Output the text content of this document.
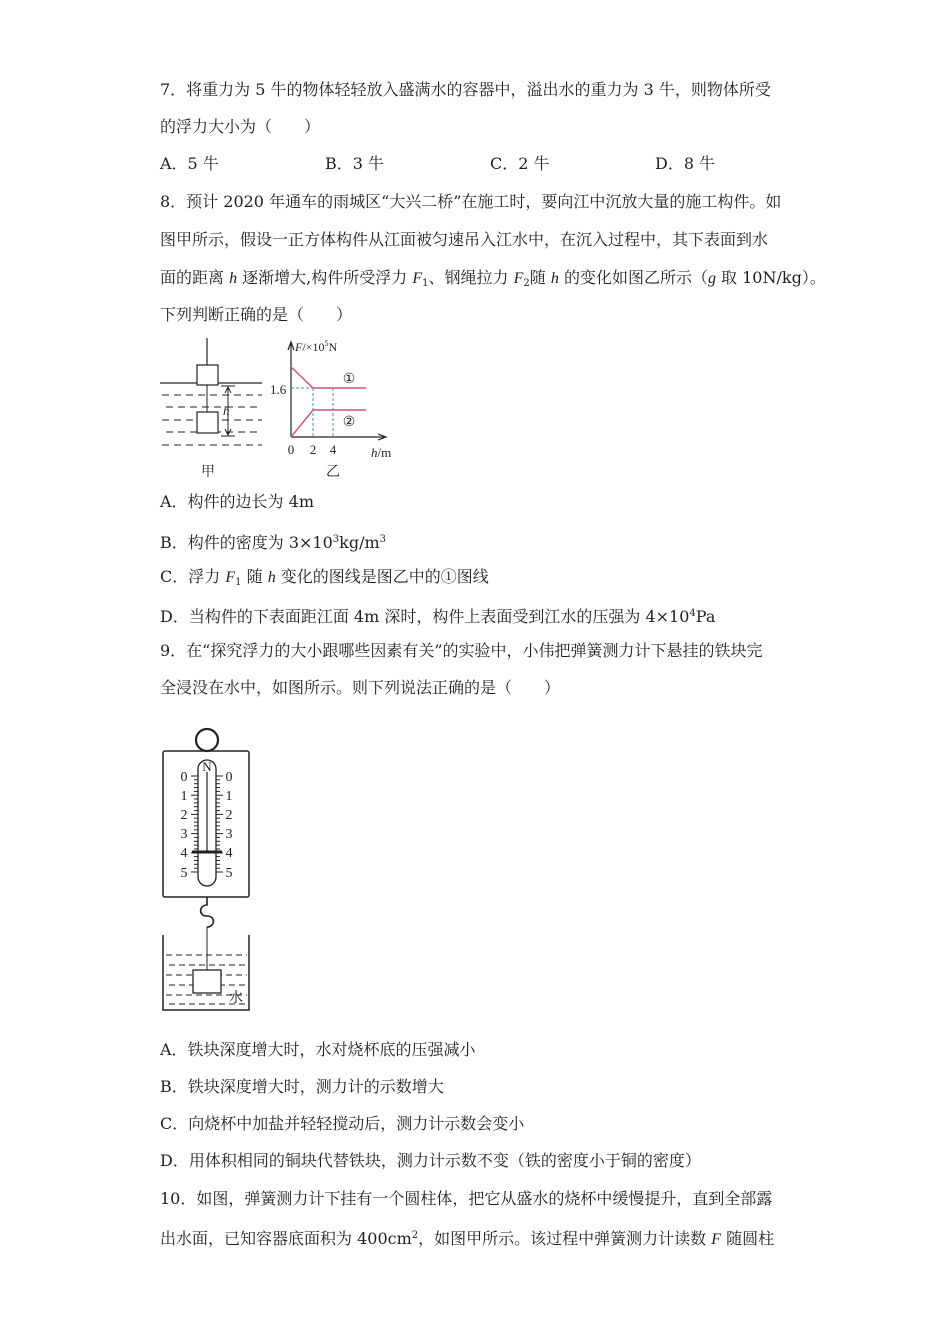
7．将重力为 5 牛的物体轻轻放入盛满水的容器中，溢出水的重力为 3 牛，则物体所受
的浮力大小为（　　）
A．5 牛	B．3 牛	C．2 牛	D．8 牛
8．预计 2020 年通车的雨城区“大兴二桥”在施工时，要向江中沉放大量的施工构件。如
图甲所示，假设一正方体构件从江面被匀速吊入江水中，在沉入过程中，其下表面到水
面的距离 h 逐渐增大,构件所受浮力 F1、钢绳拉力 F2随 h 的变化如图乙所示（g 取 10N/kg）。
下列判断正确的是（　　）
h
甲
$F/\times 10^5N$
1.6
0 2 4	h/m
①
②
乙
A．构件的边长为 4m
B．构件的密度为 $3\times 10^3kg/m^3$
C．浮力 F1 随 h 变化的图线是图乙中的①图线
D．当构件的下表面距江面 4m 深时，构件上表面受到江水的压强为 $4\times 10^4Pa$
9．在“探究浮力的大小跟哪些因素有关”的实验中，小伟把弹簧测力计下悬挂的铁块完
全浸没在水中，如图所示。则下列说法正确的是（　　）
N
0
1
2
3
4
5
0
1
2
3
4
5
水
A．铁块深度增大时，水对烧杯底的压强减小
B．铁块深度增大时，测力计的示数增大
C．向烧杯中加盐并轻轻搅动后，测力计示数会变小
D．用体积相同的铜块代替铁块，测力计示数不变（铁的密度小于铜的密度）
10．如图，弹簧测力计下挂有一个圆柱体，把它从盛水的烧杯中缓慢提升，直到全部露
出水面，已知容器底面积为 $400cm^2$，如图甲所示。该过程中弹簧测力计读数 F 随圆柱
